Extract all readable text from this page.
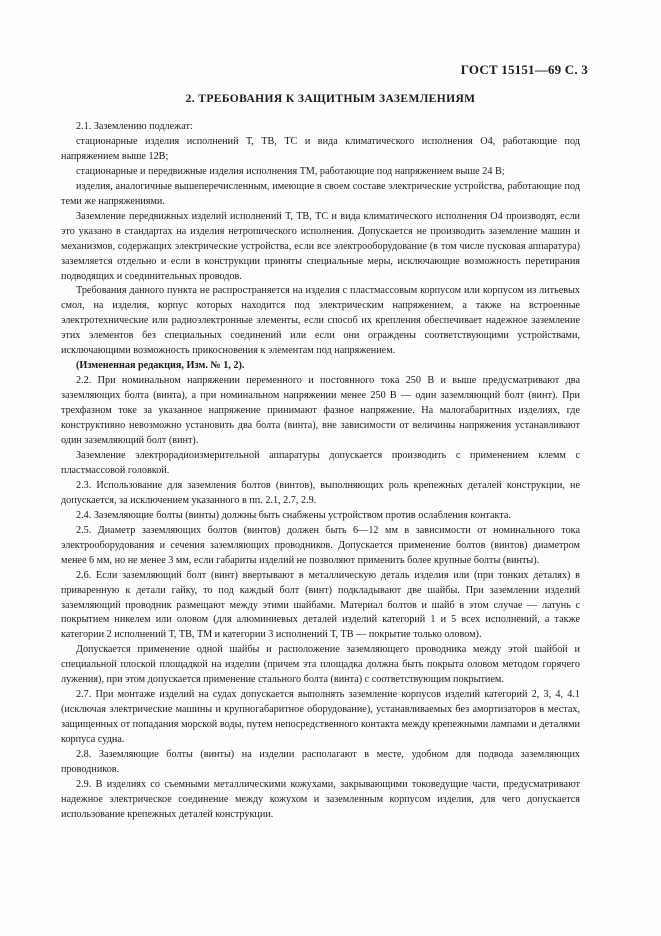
ГОСТ 15151—69 С. 3
2. ТРЕБОВАНИЯ К ЗАЩИТНЫМ ЗАЗЕМЛЕНИЯМ

2.1. Заземлению подлежат:

стационарные изделия исполнений Т, ТВ, ТС и вида климатического исполнения О4, работающие под напряжением выше 12В;

стационарные и передвижные изделия исполнения ТМ, работающие под напряжением выше 24 В;

изделия, аналогичные вышеперечисленным, имеющие в своем составе электрические устройства, работающие под теми же напряжениями.

Заземление передвижных изделий исполнений Т, ТВ, ТС и вида климатического исполнения О4 производят, если это указано в стандартах на изделия нетропического исполнения. Допускается не производить заземление машин и механизмов, содержащих электрические устройства, если все электрооборудование (в том числе пусковая аппаратура) заземляется отдельно и если в конструкции приняты специальные меры, исключающие возможность перетирания подводящих и соединительных проводов.

Требования данного пункта не распространяется на изделия с пластмассовым корпусом или корпусом из литьевых смол, на изделия, корпус которых находится под электрическим напряжением, а также на встроенные электротехнические или радиоэлектронные элементы, если способ их крепления обеспечивает надежное заземление этих элементов без специальных соединений или если они ограждены соответствующими устройствами, исключающими возможность прикосновения к элементам под напряжением.

(Измененная редакция, Изм. № 1, 2).

2.2. При номинальном напряжении переменного и постоянного тока 250 В и выше предусматривают два заземляющих болта (винта), а при номинальном напряжении менее 250 В — один заземляющий болт (винт). При трехфазном токе за указанное напряжение принимают фазное напряжение. На малогабаритных изделиях, где конструктивно невозможно установить два болта (винта), вне зависимости от величины напряжения устанавливают один заземляющий болт (винт).

Заземление электрорадиоизмерительной аппаратуры допускается производить с применением клемм с пластмассовой головкой.

2.3. Использование для заземления болтов (винтов), выполняющих роль крепежных деталей конструкции, не допускается, за исключением указанного в пп. 2.1, 2.7, 2.9.

2.4. Заземляющие болты (винты) должны быть снабжены устройством против ослабления контакта.

2.5. Диаметр заземляющих болтов (винтов) должен быть 6—12 мм в зависимости от номинального тока электрооборудования и сечения заземляющих проводников. Допускается применение болтов (винтов) диаметром менее 6 мм, но не менее 3 мм, если габариты изделий не позволяют применить более крупные болты (винты).

2.6. Если заземляющий болт (винт) ввертывают в металлическую деталь изделия или (при тонких деталях) в приваренную к детали гайку, то под каждый болт (винт) подкладывают две шайбы. При заземлении изделий заземляющий проводник размещают между этими шайбами. Материал болтов и шайб в этом случае — латунь с покрытием никелем или оловом (для алюминиевых деталей изделий категорий 1 и 5 всех исполнений, а также категории 2 исполнений Т, ТВ, ТМ и категории 3 исполнений Т, ТВ — покрытие только оловом).

Допускается применение одной шайбы и расположение заземляющего проводника между этой шайбой и специальной плоской площадкой на изделии (причем эта площадка должна быть покрыта оловом методом горячего лужения), при этом допускается применение стального болта (винта) с соответствующим покрытием.

2.7. При монтаже изделий на судах допускается выполнять заземление корпусов изделий категорий 2, 3, 4, 4.1 (исключая электрические машины и крупногабаритное оборудование), устанавливаемых без амортизаторов в местах, защищенных от попадания морской воды, путем непосредственного контакта между крепежными лампами и деталями корпуса судна.

2.8. Заземляющие болты (винты) на изделии располагают в месте, удобном для подвода заземляющих проводников.

2.9. В изделиях со съемными металлическими кожухами, закрывающими токоведущие части, предусматривают надежное электрическое соединение между кожухом и заземленным корпусом изделия, для чего допускается использование крепежных деталей конструкции.
